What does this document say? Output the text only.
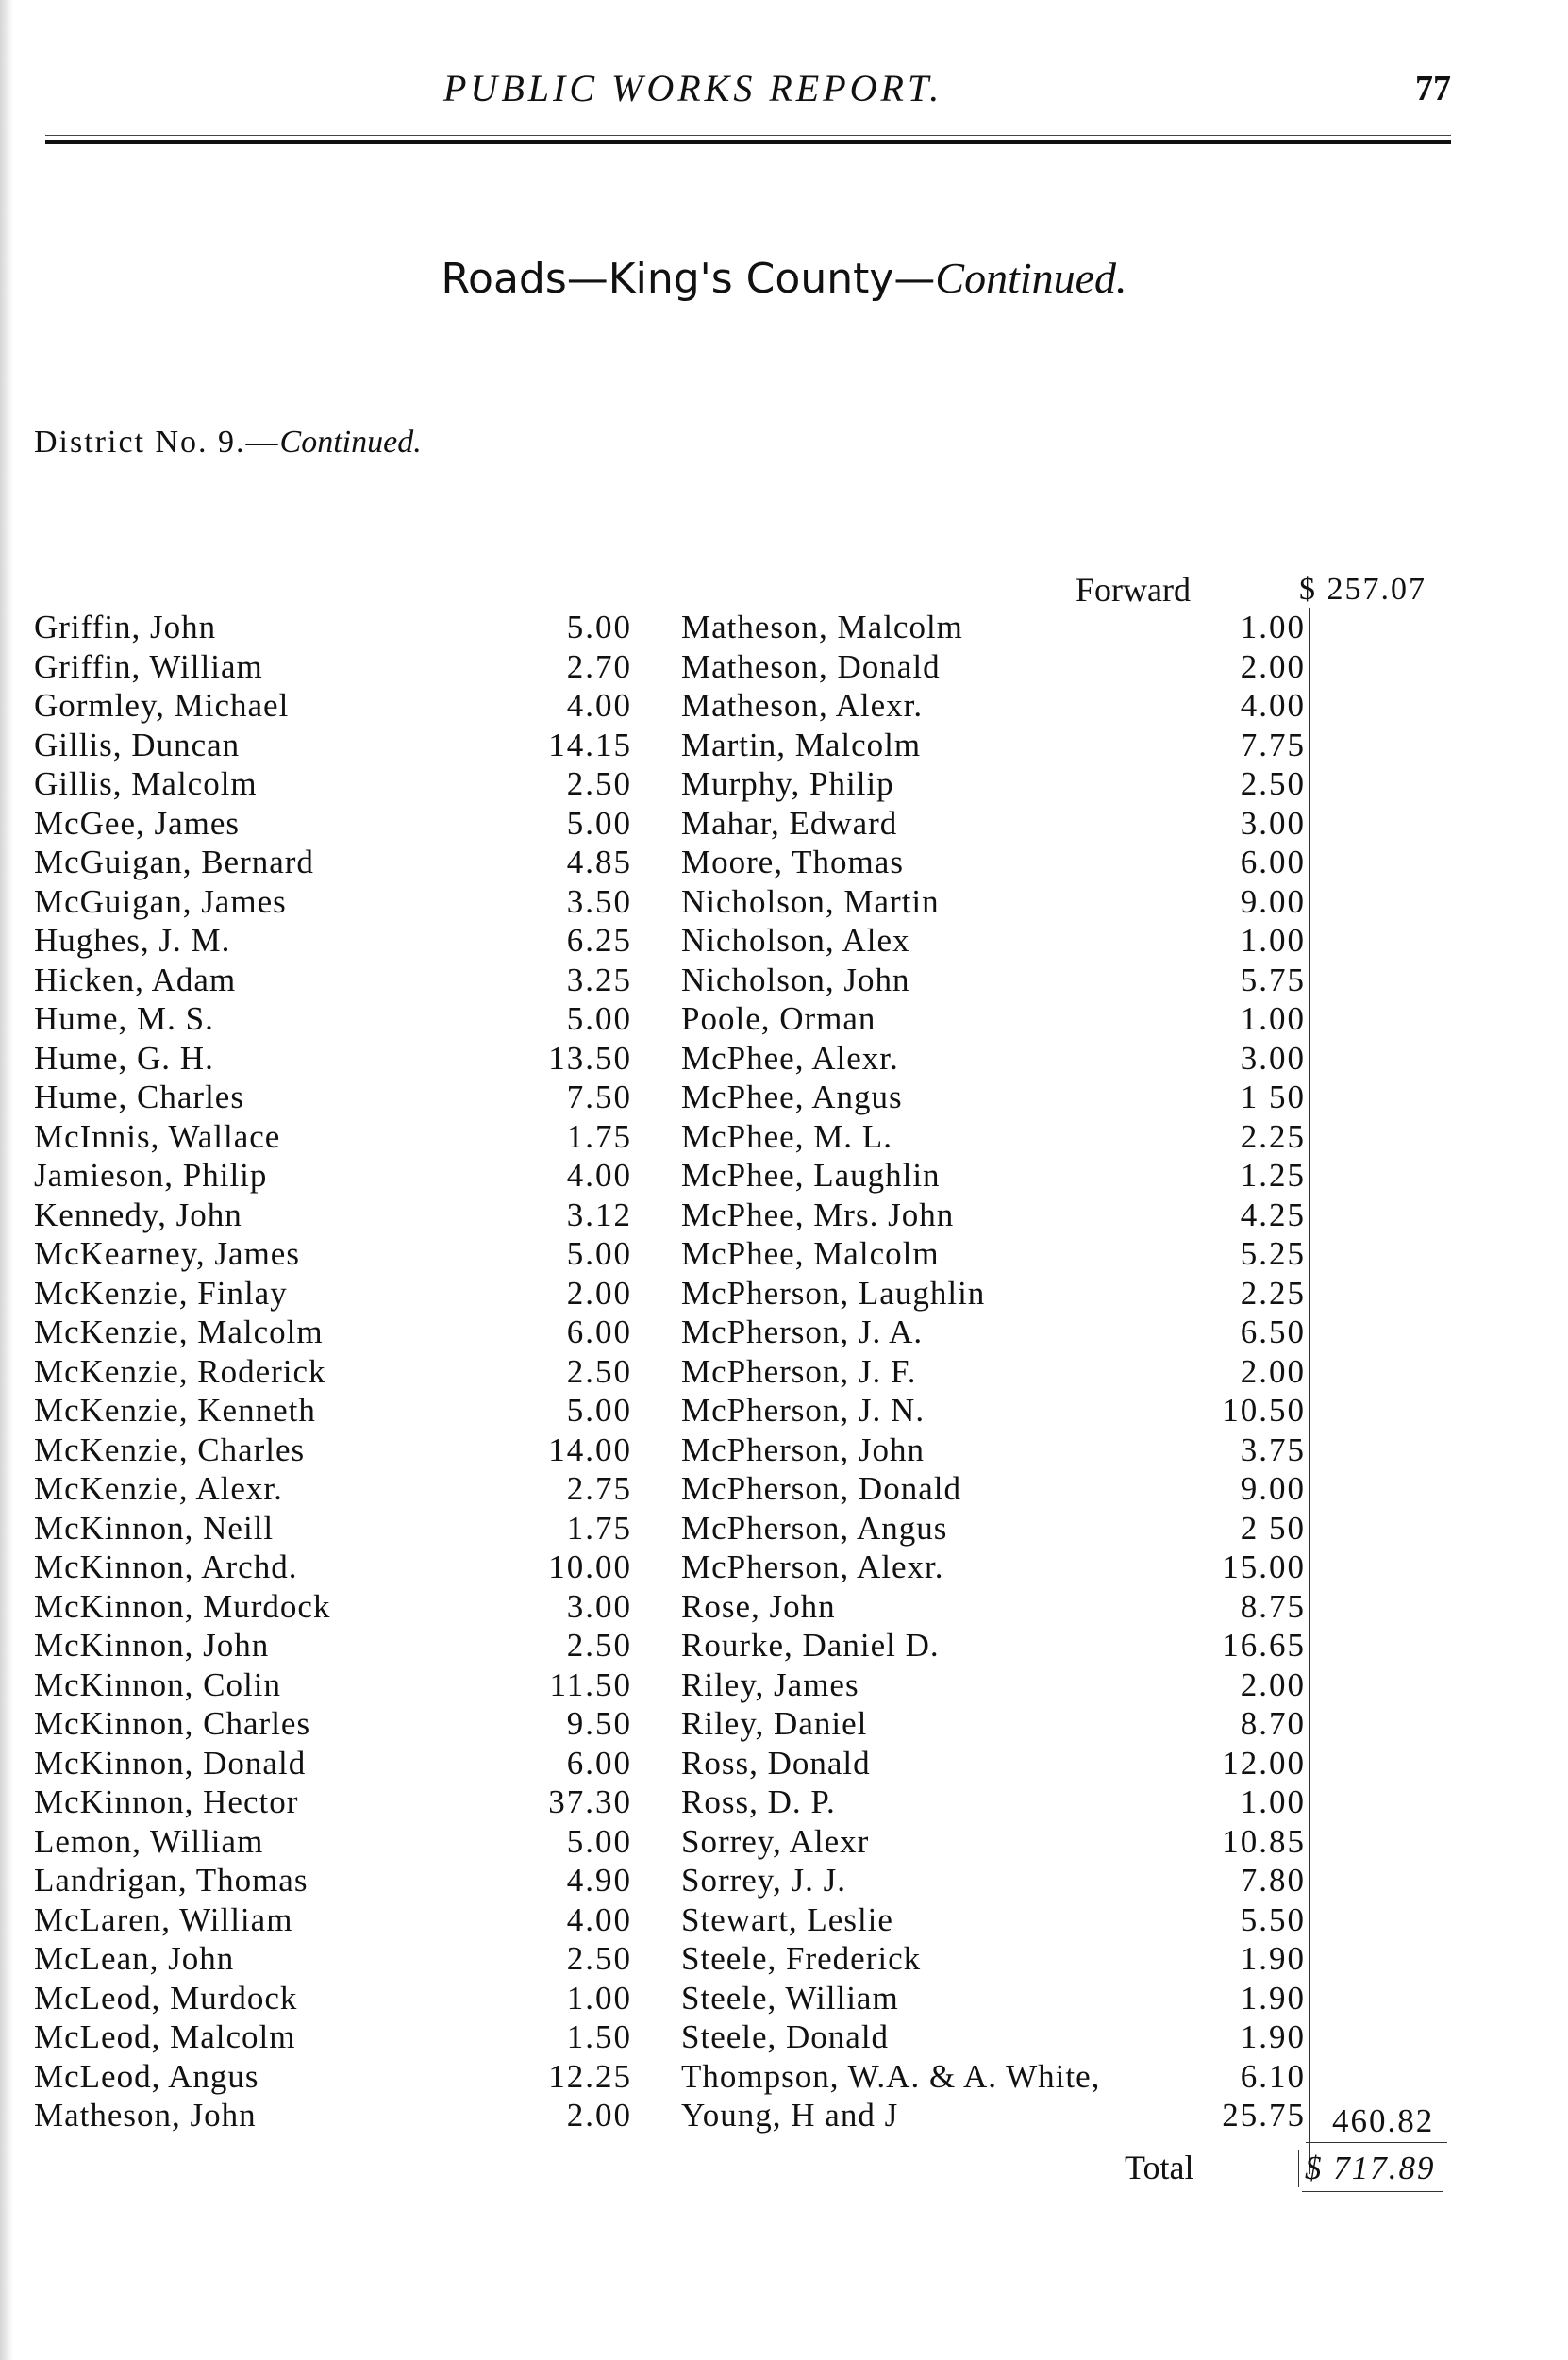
PUBLIC WORKS REPORT.	77
Roads—King's County—Continued.
District No. 9.—Continued.
Forward	$ 257.07
Griffin, John	5.00 Matheson, Malcolm	1.00
Griffin, William	2.70 Matheson, Donald	2.00
Gormley, Michael	4.00 Matheson, Alexr.	4.00
Gillis, Duncan	14.15 Martin, Malcolm	7.75
Gillis, Malcolm	2.50 Murphy, Philip	2.50
McGee, James	5.00 Mahar, Edward	3.00
McGuigan, Bernard	4.85 Moore, Thomas	6.00
McGuigan, James	3.50 Nicholson, Martin	9.00
Hughes, J. M.	6.25 Nicholson, Alex	1.00
Hicken, Adam	3.25 Nicholson, John	5.75
Hume, M. S.	5.00 Poole, Orman	1.00
Hume, G. H.	13.50 McPhee, Alexr.	3.00
Hume, Charles	7.50 McPhee, Angus	1 50
McInnis, Wallace	1.75 McPhee, M. L.	2.25
Jamieson, Philip	4.00 McPhee, Laughlin	1.25
Kennedy, John	3.12 McPhee, Mrs. John	4.25
McKearney, James	5.00 McPhee, Malcolm	5.25
McKenzie, Finlay	2.00 McPherson, Laughlin	2.25
McKenzie, Malcolm	6.00 McPherson, J. A.	6.50
McKenzie, Roderick	2.50 McPherson, J. F.	2.00
McKenzie, Kenneth	5.00 McPherson, J. N.	10.50
McKenzie, Charles	14.00 McPherson, John	3.75
McKenzie, Alexr.	2.75 McPherson, Donald	9.00
McKinnon, Neill	1.75 McPherson, Angus	2 50
McKinnon, Archd.	10.00 McPherson, Alexr.	15.00
McKinnon, Murdock	3.00 Rose, John	8.75
McKinnon, John	2.50 Rourke, Daniel D.	16.65
McKinnon, Colin	11.50 Riley, James	2.00
McKinnon, Charles	9.50 Riley, Daniel	8.70
McKinnon, Donald	6.00 Ross, Donald	12.00
McKinnon, Hector	37.30 Ross, D. P.	1.00
Lemon, William	5.00 Sorrey, Alexr	10.85
Landrigan, Thomas	4.90 Sorrey, J. J.	7.80
McLaren, William	4.00 Stewart, Leslie	5.50
McLean, John	2.50 Steele, Frederick	1.90
McLeod, Murdock	1.00 Steele, William	1.90
McLeod, Malcolm	1.50 Steele, Donald	1.90
McLeod, Angus	12.25 Thompson, W.A. & A. White,	6.10
Matheson, John	2.00 Young, H and J	25.75 460.82
Total	$ 717.89
